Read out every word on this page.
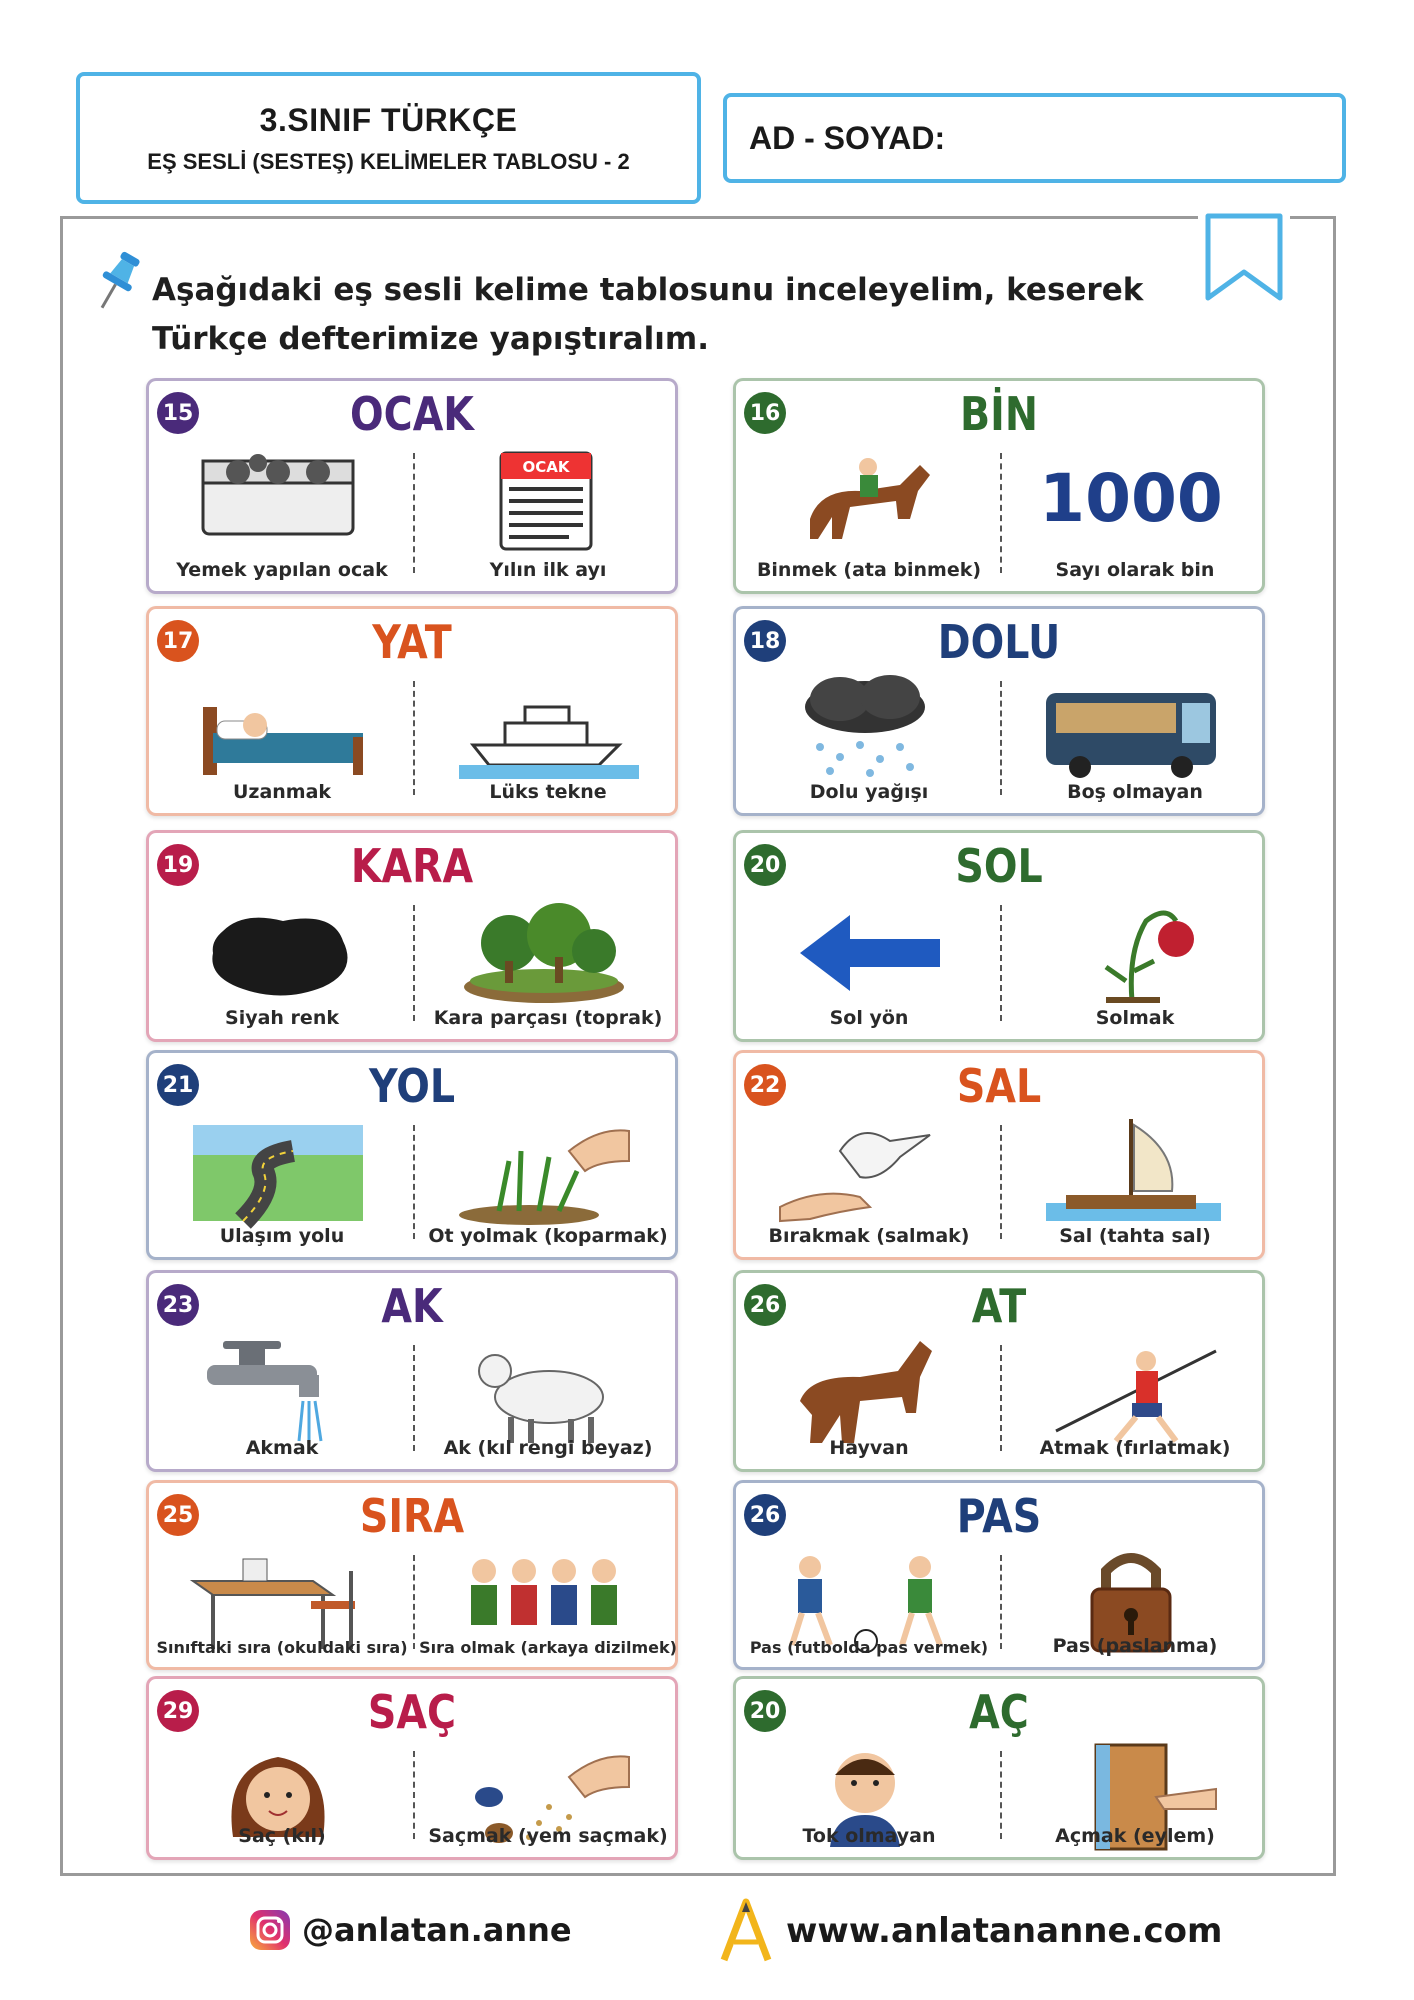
3.SINIF TÜRKÇE
EŞ SESLİ (SESTEŞ) KELİMELER TABLOSU - 2
AD - SOYAD:
Aşağıdaki eş sesli kelime tablosunu inceleyelim, keserek
Türkçe defterimize yapıştıralım.
15	OCAK
Yemek yapılan ocak
OCAK
Yılın ilk ayı
16	BİN
Binmek (ata binmek)
1000
Sayı olarak bin
17	YAT
Uzanmak	Lüks tekne
18	DOLU
Dolu yağışı	Boş olmayan
19	KARA
Siyah renk	Kara parçası (toprak)
20	SOL
Sol yön	Solmak
21	YOL
Ulaşım yolu	Ot yolmak (koparmak)
22	SAL
Bırakmak (salmak)	Sal (tahta sal)
23	AK
Akmak	Ak (kıl rengi beyaz)
26	AT
Hayvan	Atmak (fırlatmak)
25	SIRA
Sınıftaki sıra (okuldaki sıra) Sıra olmak (arkaya dizilmek)
26	PAS
Pas (futbolda pas vermek)	Pas (paslanma)
29	SAÇ
Saç (kıl)	Saçmak (yem saçmak)
20	AÇ
Tok olmayan	Açmak (eylem)
@anlatan.anne	www.anlatananne.com
